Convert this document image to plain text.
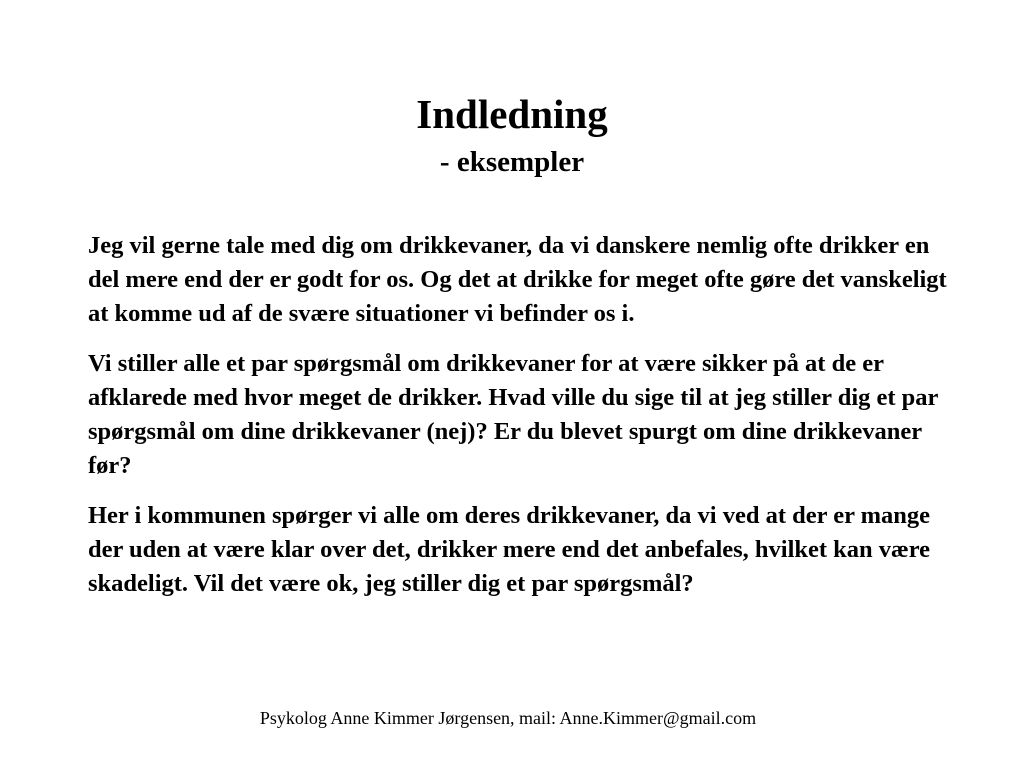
Indledning
- eksempler

Jeg vil gerne tale med dig om drikkevaner, da vi danskere nemlig ofte drikker en del mere end der er godt for os. Og det at drikke for meget ofte gøre det vanskeligt at komme ud af de svære situationer vi befinder os i.

Vi stiller alle et par spørgsmål om drikkevaner for at være sikker på at de er afklarede med hvor meget de drikker. Hvad ville du sige til at jeg stiller dig et par spørgsmål om dine drikkevaner (nej)? Er du blevet spurgt om dine drikkevaner før?

Her i kommunen spørger vi alle om deres drikkevaner, da vi ved at der er mange der uden at være klar over det, drikker mere end det anbefales, hvilket kan være skadeligt. Vil det være ok, jeg stiller dig et par spørgsmål?

Psykolog Anne Kimmer Jørgensen, mail: Anne.Kimmer@gmail.com
